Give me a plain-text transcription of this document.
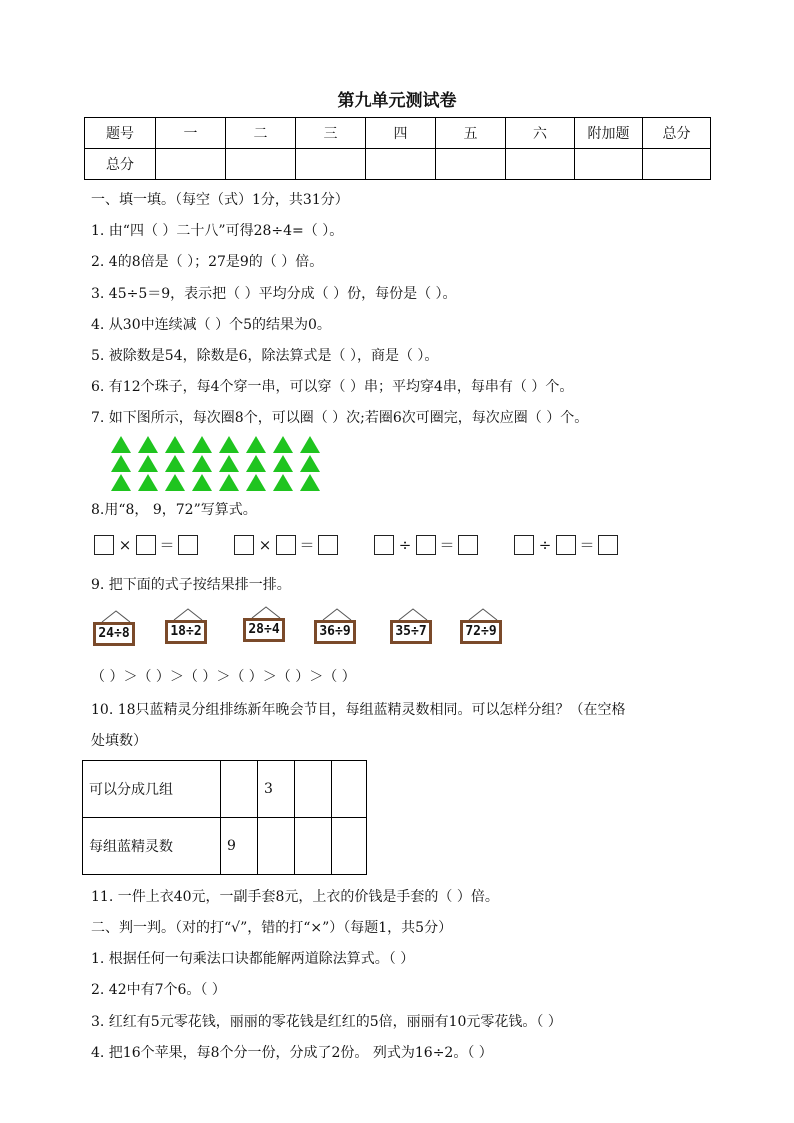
第九单元测试卷
题号	一	二	三	四	五	六	附加题	总分
总分								
一、填一填。（每空（式）1分，共31分）
1. 由“四（ ）二十八”可得28÷4=（ ）。
2. 4的8倍是（ ）；27是9的（ ）倍。
3. 45÷5＝9，表示把（ ）平均分成（ ）份，每份是（ ）。
4. 从30中连续减（ ）个5的结果为0。
5. 被除数是54，除数是6，除法算式是（ ），商是（ ）。
6. 有12个珠子，每4个穿一串，可以穿（ ）串；平均穿4串，每串有（ ）个。
7. 如下图所示，每次圈8个，可以圈（ ）次;若圈6次可圈完，每次应圈（ ）个。
8.用“8， 9，72”写算式。
×	＝	×	＝	÷	＝	÷	＝
9. 把下面的式子按结果排一排。
24÷8	18÷2	28÷4	36÷9	35÷7	72÷9
（ ）＞（ ）＞（ ）＞（ ）＞（ ）＞（ ）
10. 18只蓝精灵分组排练新年晚会节目，每组蓝精灵数相同。可以怎样分组？（在空格
处填数）
可以分成几组		3		
每组蓝精灵数	9			
11. 一件上衣40元，一副手套8元，上衣的价钱是手套的（ ）倍。
二、判一判。（对的打“√”，错的打“×”）（每题1，共5分）
1. 根据任何一句乘法口诀都能解两道除法算式。（ ）
2. 42中有7个6。（ ）
3. 红红有5元零花钱，丽丽的零花钱是红红的5倍，丽丽有10元零花钱。（ ）
4. 把16个苹果，每8个分一份，分成了2份。 列式为16÷2。（ ）
